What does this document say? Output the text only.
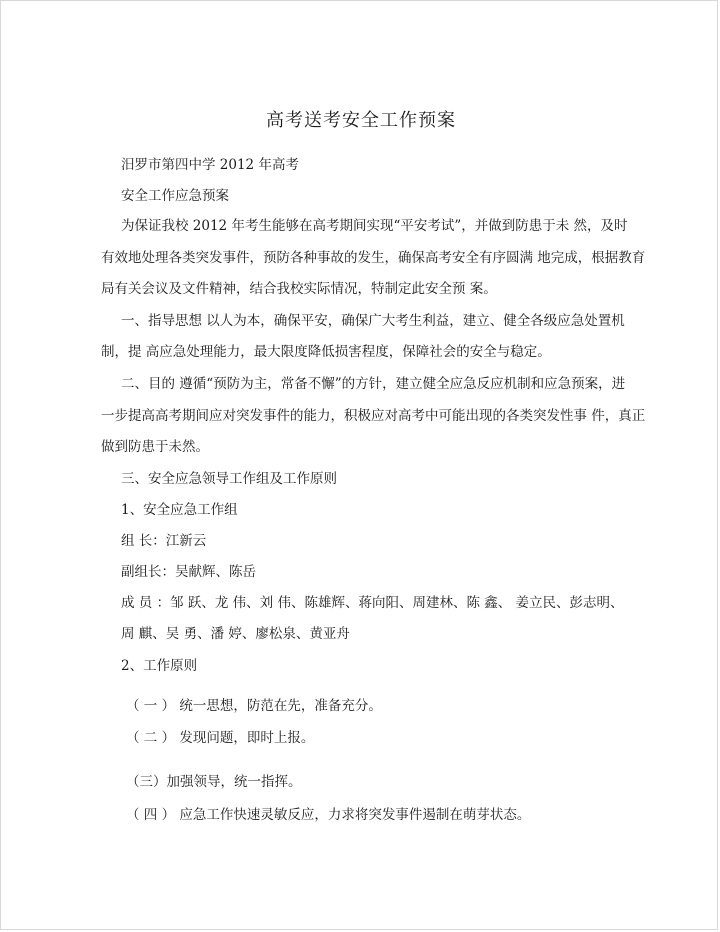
高考送考安全工作预案
汨罗市第四中学 2012 年高考
安全工作应急预案
为保证我校 2012 年考生能够在高考期间实现“平安考试”，并做到防患于未 然，及时
有效地处理各类突发事件，预防各种事故的发生，确保高考安全有序圆满 地完成，根据教育
局有关会议及文件精神，结合我校实际情况，特制定此安全预 案。
一、指导思想 以人为本，确保平安，确保广大考生利益，建立、健全各级应急处置机
制，提 高应急处理能力，最大限度降低损害程度，保障社会的安全与稳定。
二、目的 遵循“预防为主，常备不懈”的方针，建立健全应急反应机制和应急预案，进
一步提高高考期间应对突发事件的能力，积极应对高考中可能出现的各类突发性事 件，真正
做到防患于未然。
三、安全应急领导工作组及工作原则
1、安全应急工作组
组 长：江新云
副组长：吴献辉、陈岳
成 员 ：邹 跃、龙 伟、刘 伟、陈雄辉、蒋向阳、周建林、陈 鑫、 姜立民、彭志明、
周 麒、吴 勇、潘 婷、廖松泉、黄亚舟
2、工作原则
（ 一 ） 统一思想，防范在先，准备充分。
（ 二 ） 发现问题，即时上报。
（三）加强领导，统一指挥。
（ 四 ） 应急工作快速灵敏反应，力求将突发事件遏制在萌芽状态。
